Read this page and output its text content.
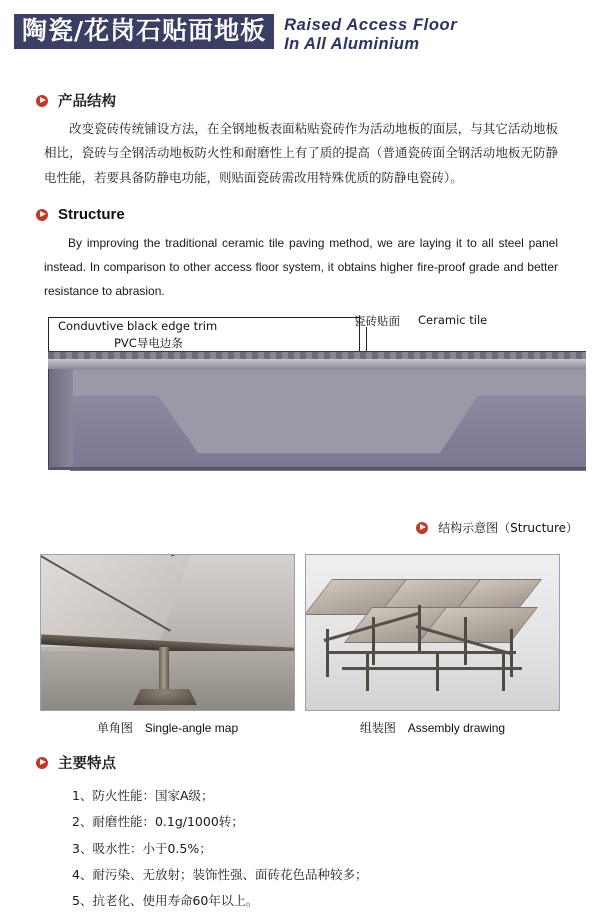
陶瓷/花岗石贴面地板	Raised Access Floor
In All Aluminium
产品结构

改变瓷砖传统铺设方法，在全钢地板表面粘贴瓷砖作为活动地板的面层，与其它活动地板相比，瓷砖与全钢活动地板防火性和耐磨性上有了质的提高（普通瓷砖面全钢活动地板无防静电性能，若要具备防静电功能，则贴面瓷砖需改用特殊优质的防静电瓷砖）。

Structure

By improving the traditional ceramic tile paving method, we are laying it to all steel panel instead. In comparison to other access floor system, it obtains higher fire-proof grade and better resistance to abrasion.

Conduvtive black edge trim
PVC导电边条
瓷砖贴面 Ceramic tile
结构示意图 （Structure）
单角图 Single-angle map	组装图 Assembly drawing
主要特点
1、防火性能：国家A级；
2、耐磨性能：0.1g/1000转；
3、吸水性：小于0.5%；
4、耐污染、无放射；装饰性强、面砖花色品种较多；
5、抗老化、使用寿命60年以上。
